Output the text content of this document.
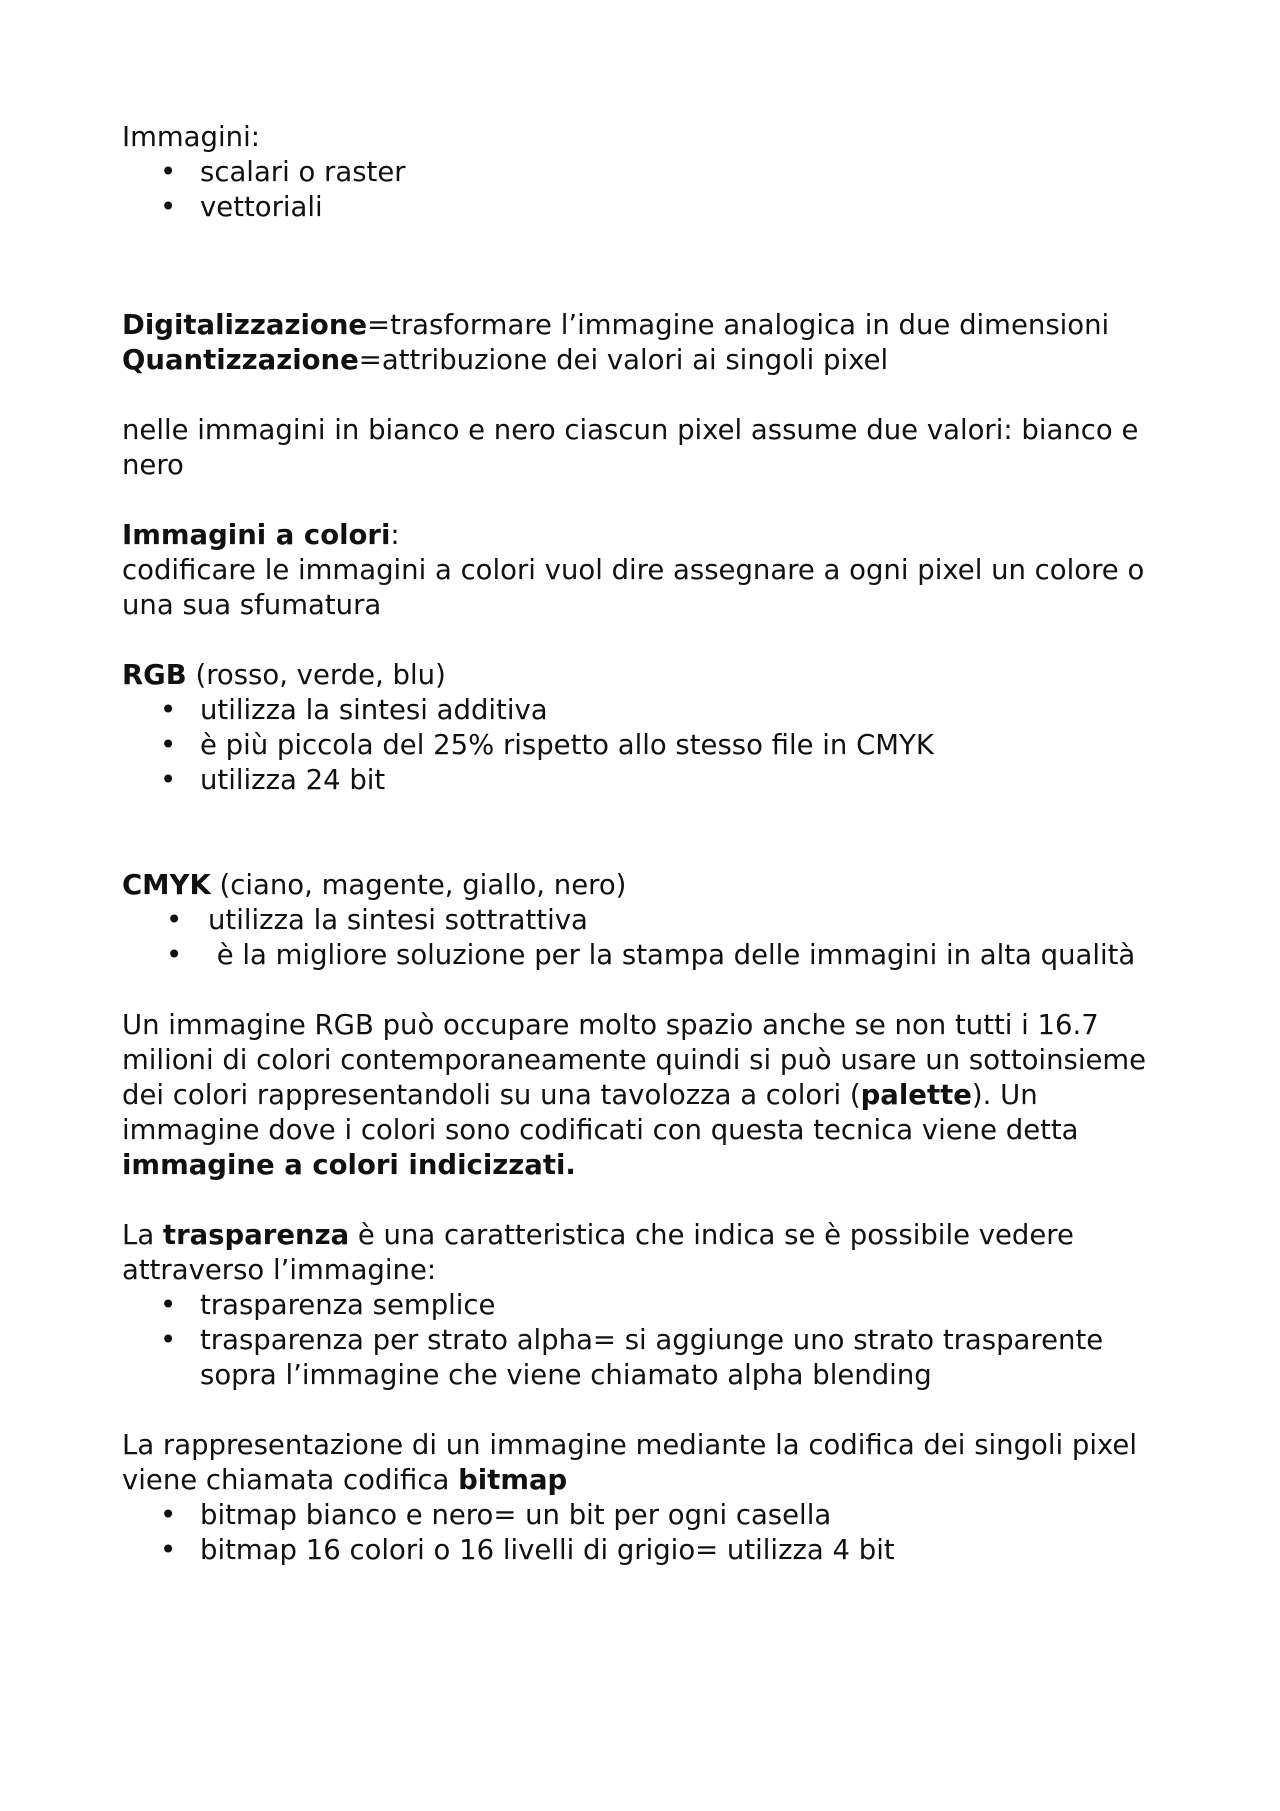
Immagini:

• scalari o raster
• vettoriali

Digitalizzazione=trasformare l’immagine analogica in due dimensioni

Quantizzazione=attribuzione dei valori ai singoli pixel

nelle immagini in bianco e nero ciascun pixel assume due valori: bianco e nero

Immagini a colori:

codificare le immagini a colori vuol dire assegnare a ogni pixel un colore o una sua sfumatura

RGB (rosso, verde, blu)

• utilizza la sintesi additiva
• è più piccola del 25% rispetto allo stesso file in CMYK
• utilizza 24 bit

CMYK (ciano, magente, giallo, nero)

• utilizza la sintesi sottrattiva
•  è la migliore soluzione per la stampa delle immagini in alta qualità

Un immagine RGB può occupare molto spazio anche se non tutti i 16.7 milioni di colori contemporaneamente quindi si può usare un sottoinsieme dei colori rappresentandoli su una tavolozza a colori (palette). Un immagine dove i colori sono codificati con questa tecnica viene detta immagine a colori indicizzati.

La trasparenza è una caratteristica che indica se è possibile vedere attraverso l’immagine:

• trasparenza semplice
• trasparenza per strato alpha= si aggiunge uno strato trasparente sopra l’immagine che viene chiamato alpha blending

La rappresentazione di un immagine mediante la codifica dei singoli pixel viene chiamata codifica bitmap

• bitmap bianco e nero= un bit per ogni casella
• bitmap 16 colori o 16 livelli di grigio= utilizza 4 bit
